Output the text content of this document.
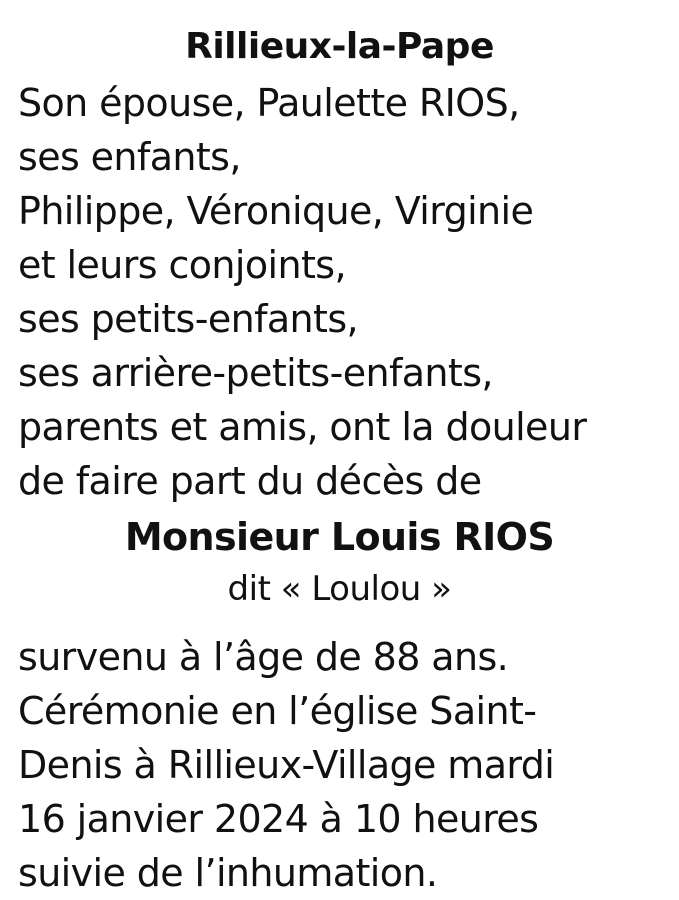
Rillieux-la-Pape
Son épouse, Paulette RIOS,
ses enfants,
Philippe, Véronique, Virginie
et leurs conjoints,
ses petits-enfants,
ses arrière-petits-enfants,
parents et amis, ont la douleur
de faire part du décès de
Monsieur Louis RIOS
dit « Loulou »
survenu à l’âge de 88 ans.
Cérémonie en l’église Saint-
Denis à Rillieux-Village mardi
16 janvier 2024 à 10 heures
suivie de l’inhumation.
